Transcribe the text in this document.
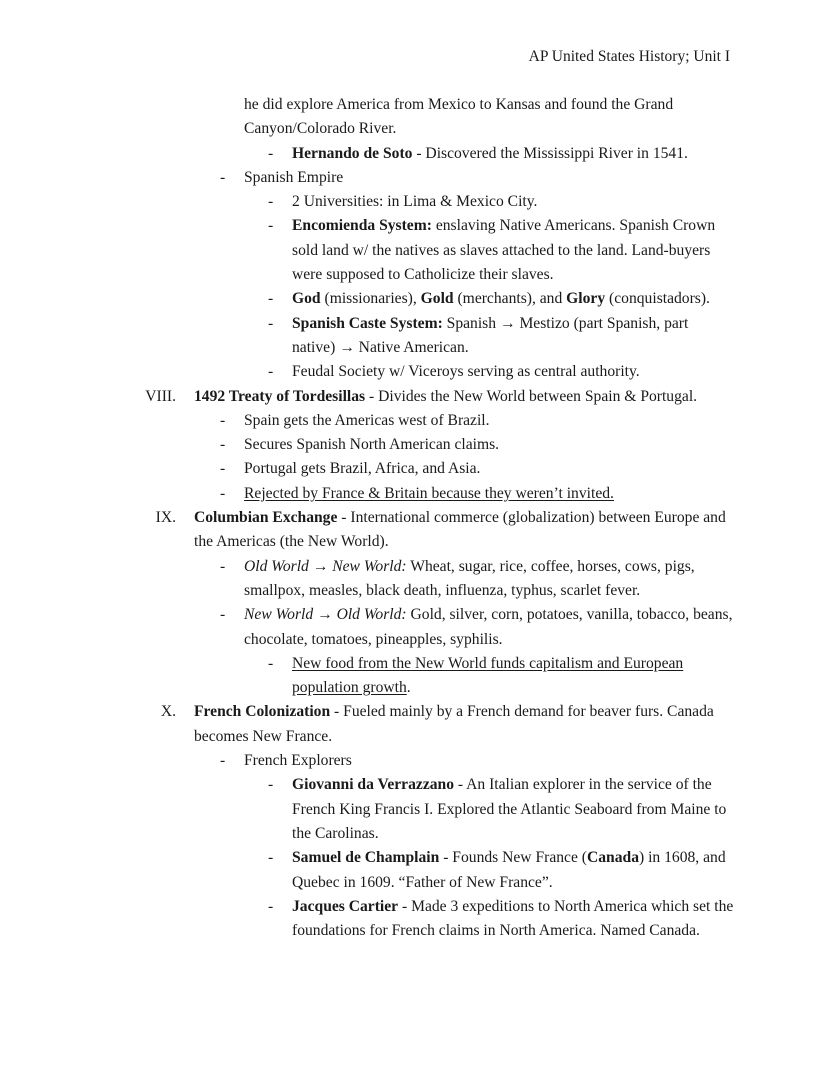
AP United States History; Unit I
he did explore America from Mexico to Kansas and found the Grand
Canyon/Colorado River.
-	Hernando de Soto - Discovered the Mississippi River in 1541.
-	Spanish Empire
-	2 Universities: in Lima & Mexico City.
-	Encomienda System: enslaving Native Americans. Spanish Crown sold land w/ the natives as slaves attached to the land. Land-buyers were supposed to Catholicize their slaves.
-	God (missionaries), Gold (merchants), and Glory (conquistadors).
-	Spanish Caste System: Spanish → Mestizo (part Spanish, part native) → Native American.
-	Feudal Society w/ Viceroys serving as central authority.
VIII. 1492 Treaty of Tordesillas - Divides the New World between Spain & Portugal.
-	Spain gets the Americas west of Brazil.
-	Secures Spanish North American claims.
-	Portugal gets Brazil, Africa, and Asia.
-	Rejected by France & Britain because they weren’t invited.
IX. Columbian Exchange - International commerce (globalization) between Europe and the Americas (the New World).
-	Old World → New World: Wheat, sugar, rice, coffee, horses, cows, pigs, smallpox, measles, black death, influenza, typhus, scarlet fever.
-	New World → Old World: Gold, silver, corn, potatoes, vanilla, tobacco, beans, chocolate, tomatoes, pineapples, syphilis.
-	New food from the New World funds capitalism and European population growth.
X. French Colonization - Fueled mainly by a French demand for beaver furs. Canada becomes New France.
-	French Explorers
-	Giovanni da Verrazzano - An Italian explorer in the service of the French King Francis I. Explored the Atlantic Seaboard from Maine to the Carolinas.
-	Samuel de Champlain - Founds New France (Canada) in 1608, and Quebec in 1609. “Father of New France”.
-	Jacques Cartier - Made 3 expeditions to North America which set the foundations for French claims in North America. Named Canada.
